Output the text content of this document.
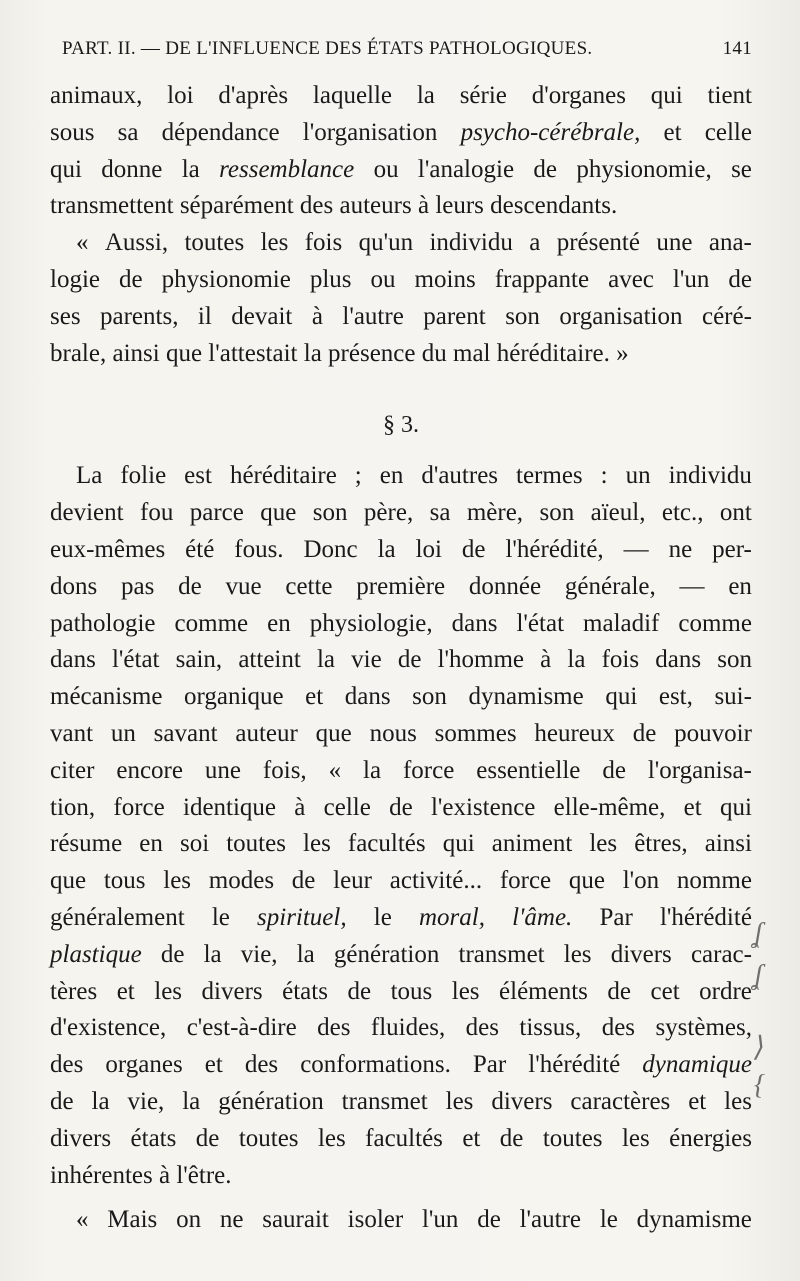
PART. II. — DE L'INFLUENCE DES ÉTATS PATHOLOGIQUES.	141
animaux, loi d'après laquelle la série d'organes qui tient
sous sa dépendance l'organisation psycho-cérébrale, et celle
qui donne la ressemblance ou l'analogie de physionomie, se
transmettent séparément des auteurs à leurs descendants.
« Aussi, toutes les fois qu'un individu a présenté une ana-
logie de physionomie plus ou moins frappante avec l'un de
ses parents, il devait à l'autre parent son organisation céré-
brale, ainsi que l'attestait la présence du mal héréditaire. »
§ 3.
La folie est héréditaire ; en d'autres termes : un individu
devient fou parce que son père, sa mère, son aïeul, etc., ont
eux-mêmes été fous. Donc la loi de l'hérédité, — ne per-
dons pas de vue cette première donnée générale, — en
pathologie comme en physiologie, dans l'état maladif comme
dans l'état sain, atteint la vie de l'homme à la fois dans son
mécanisme organique et dans son dynamisme qui est, sui-
vant un savant auteur que nous sommes heureux de pouvoir
citer encore une fois, « la force essentielle de l'organisa-
tion, force identique à celle de l'existence elle-même, et qui
résume en soi toutes les facultés qui animent les êtres, ainsi
que tous les modes de leur activité... force que l'on nomme
généralement le spirituel, le moral, l'âme. Par l'hérédité
plastique de la vie, la génération transmet les divers carac-
tères et les divers états de tous les éléments de cet ordre
d'existence, c'est-à-dire des fluides, des tissus, des systèmes,
des organes et des conformations. Par l'hérédité dynamique
de la vie, la génération transmet les divers caractères et les
divers états de toutes les facultés et de toutes les énergies
inhérentes à l'être.
« Mais on ne saurait isoler l'un de l'autre le dynamisme
ʆ
ʆ
⟩
{
